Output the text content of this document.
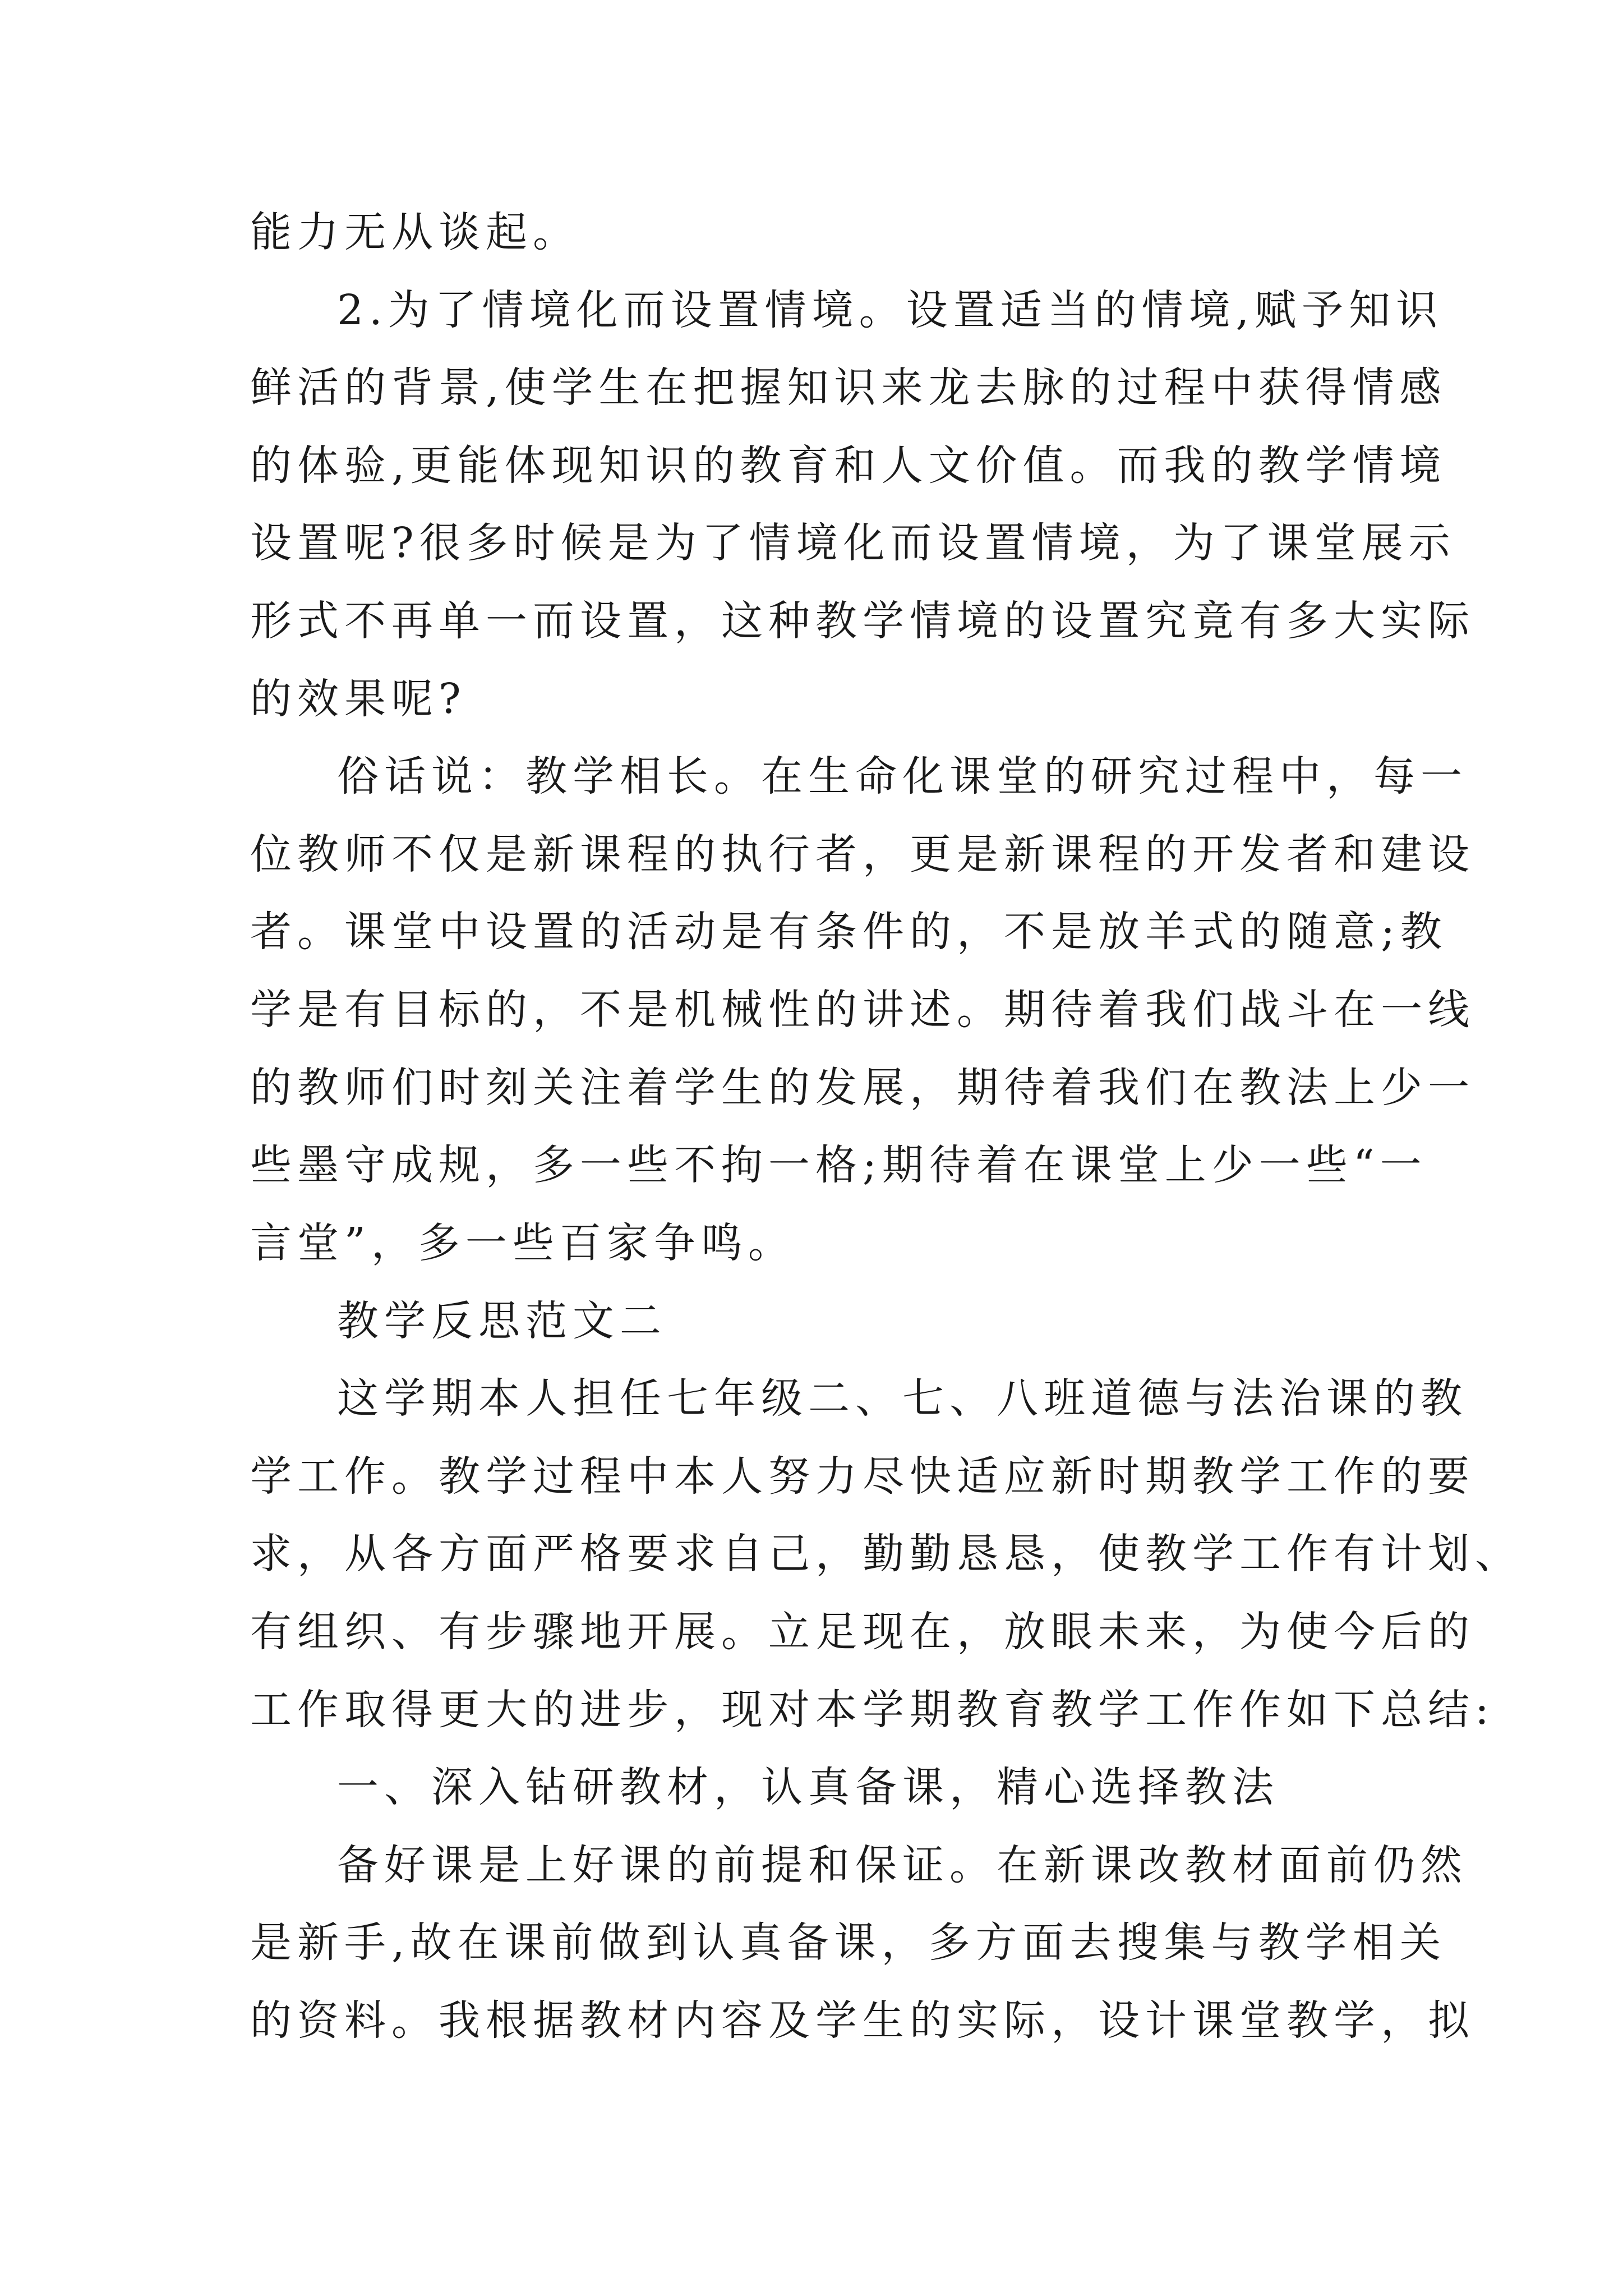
能力无从谈起。
2.为了情境化而设置情境。设置适当的情境,赋予知识
鲜活的背景,使学生在把握知识来龙去脉的过程中获得情感
的体验,更能体现知识的教育和人文价值。而我的教学情境
设置呢?很多时候是为了情境化而设置情境，为了课堂展示
形式不再单一而设置，这种教学情境的设置究竟有多大实际
的效果呢?
俗话说：教学相长。在生命化课堂的研究过程中，每一
位教师不仅是新课程的执行者，更是新课程的开发者和建设
者。课堂中设置的活动是有条件的，不是放羊式的随意;教
学是有目标的，不是机械性的讲述。期待着我们战斗在一线
的教师们时刻关注着学生的发展，期待着我们在教法上少一
些墨守成规，多一些不拘一格;期待着在课堂上少一些“一
言堂”，多一些百家争鸣。
教学反思范文二
这学期本人担任七年级二、七、八班道德与法治课的教
学工作。教学过程中本人努力尽快适应新时期教学工作的要
求，从各方面严格要求自己，勤勤恳恳，使教学工作有计划、
有组织、有步骤地开展。立足现在，放眼未来，为使今后的
工作取得更大的进步，现对本学期教育教学工作作如下总结:
一、深入钻研教材，认真备课，精心选择教法
备好课是上好课的前提和保证。在新课改教材面前仍然
是新手,故在课前做到认真备课，多方面去搜集与教学相关
的资料。我根据教材内容及学生的实际，设计课堂教学，拟
